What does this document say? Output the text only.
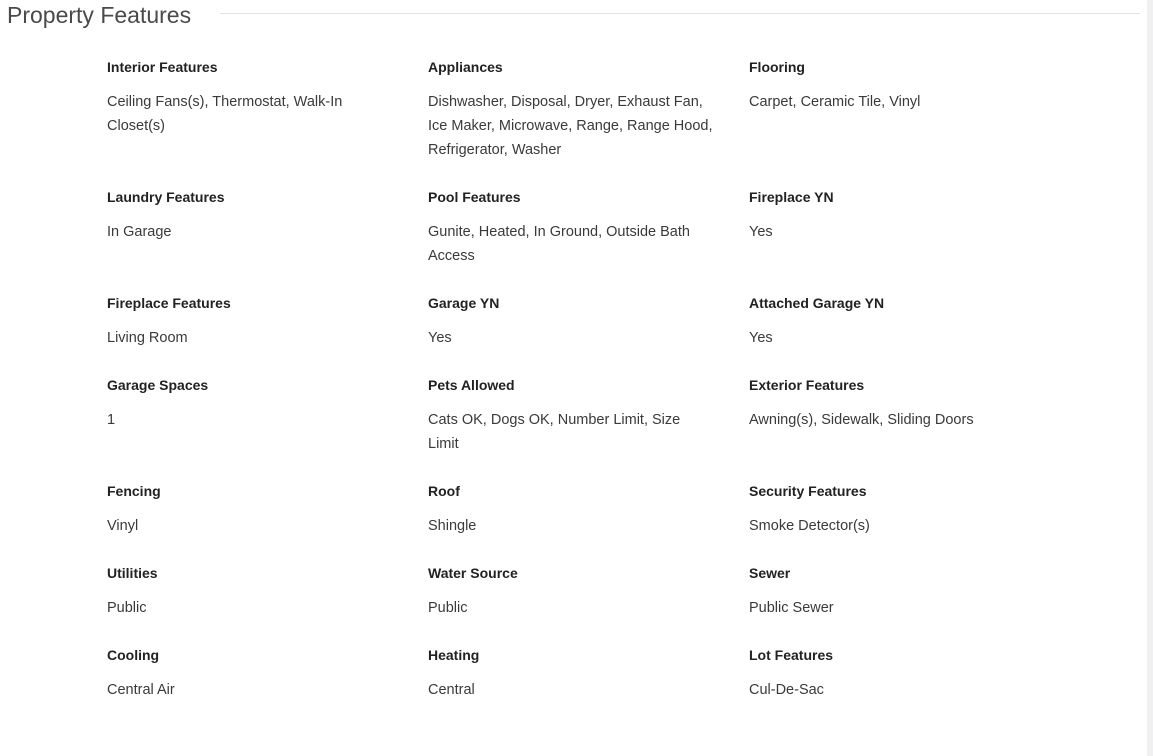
Property Features
Interior Features
Ceiling Fans(s), Thermostat, Walk-In Closet(s)
Appliances
Dishwasher, Disposal, Dryer, Exhaust Fan, Ice Maker, Microwave, Range, Range Hood, Refrigerator, Washer
Flooring
Carpet, Ceramic Tile, Vinyl
Laundry Features
In Garage
Pool Features
Gunite, Heated, In Ground, Outside Bath Access
Fireplace YN
Yes
Fireplace Features
Living Room
Garage YN
Yes
Attached Garage YN
Yes
Garage Spaces
1
Pets Allowed
Cats OK, Dogs OK, Number Limit, Size Limit
Exterior Features
Awning(s), Sidewalk, Sliding Doors
Fencing
Vinyl
Roof
Shingle
Security Features
Smoke Detector(s)
Utilities
Public
Water Source
Public
Sewer
Public Sewer
Cooling
Central Air
Heating
Central
Lot Features
Cul-De-Sac
